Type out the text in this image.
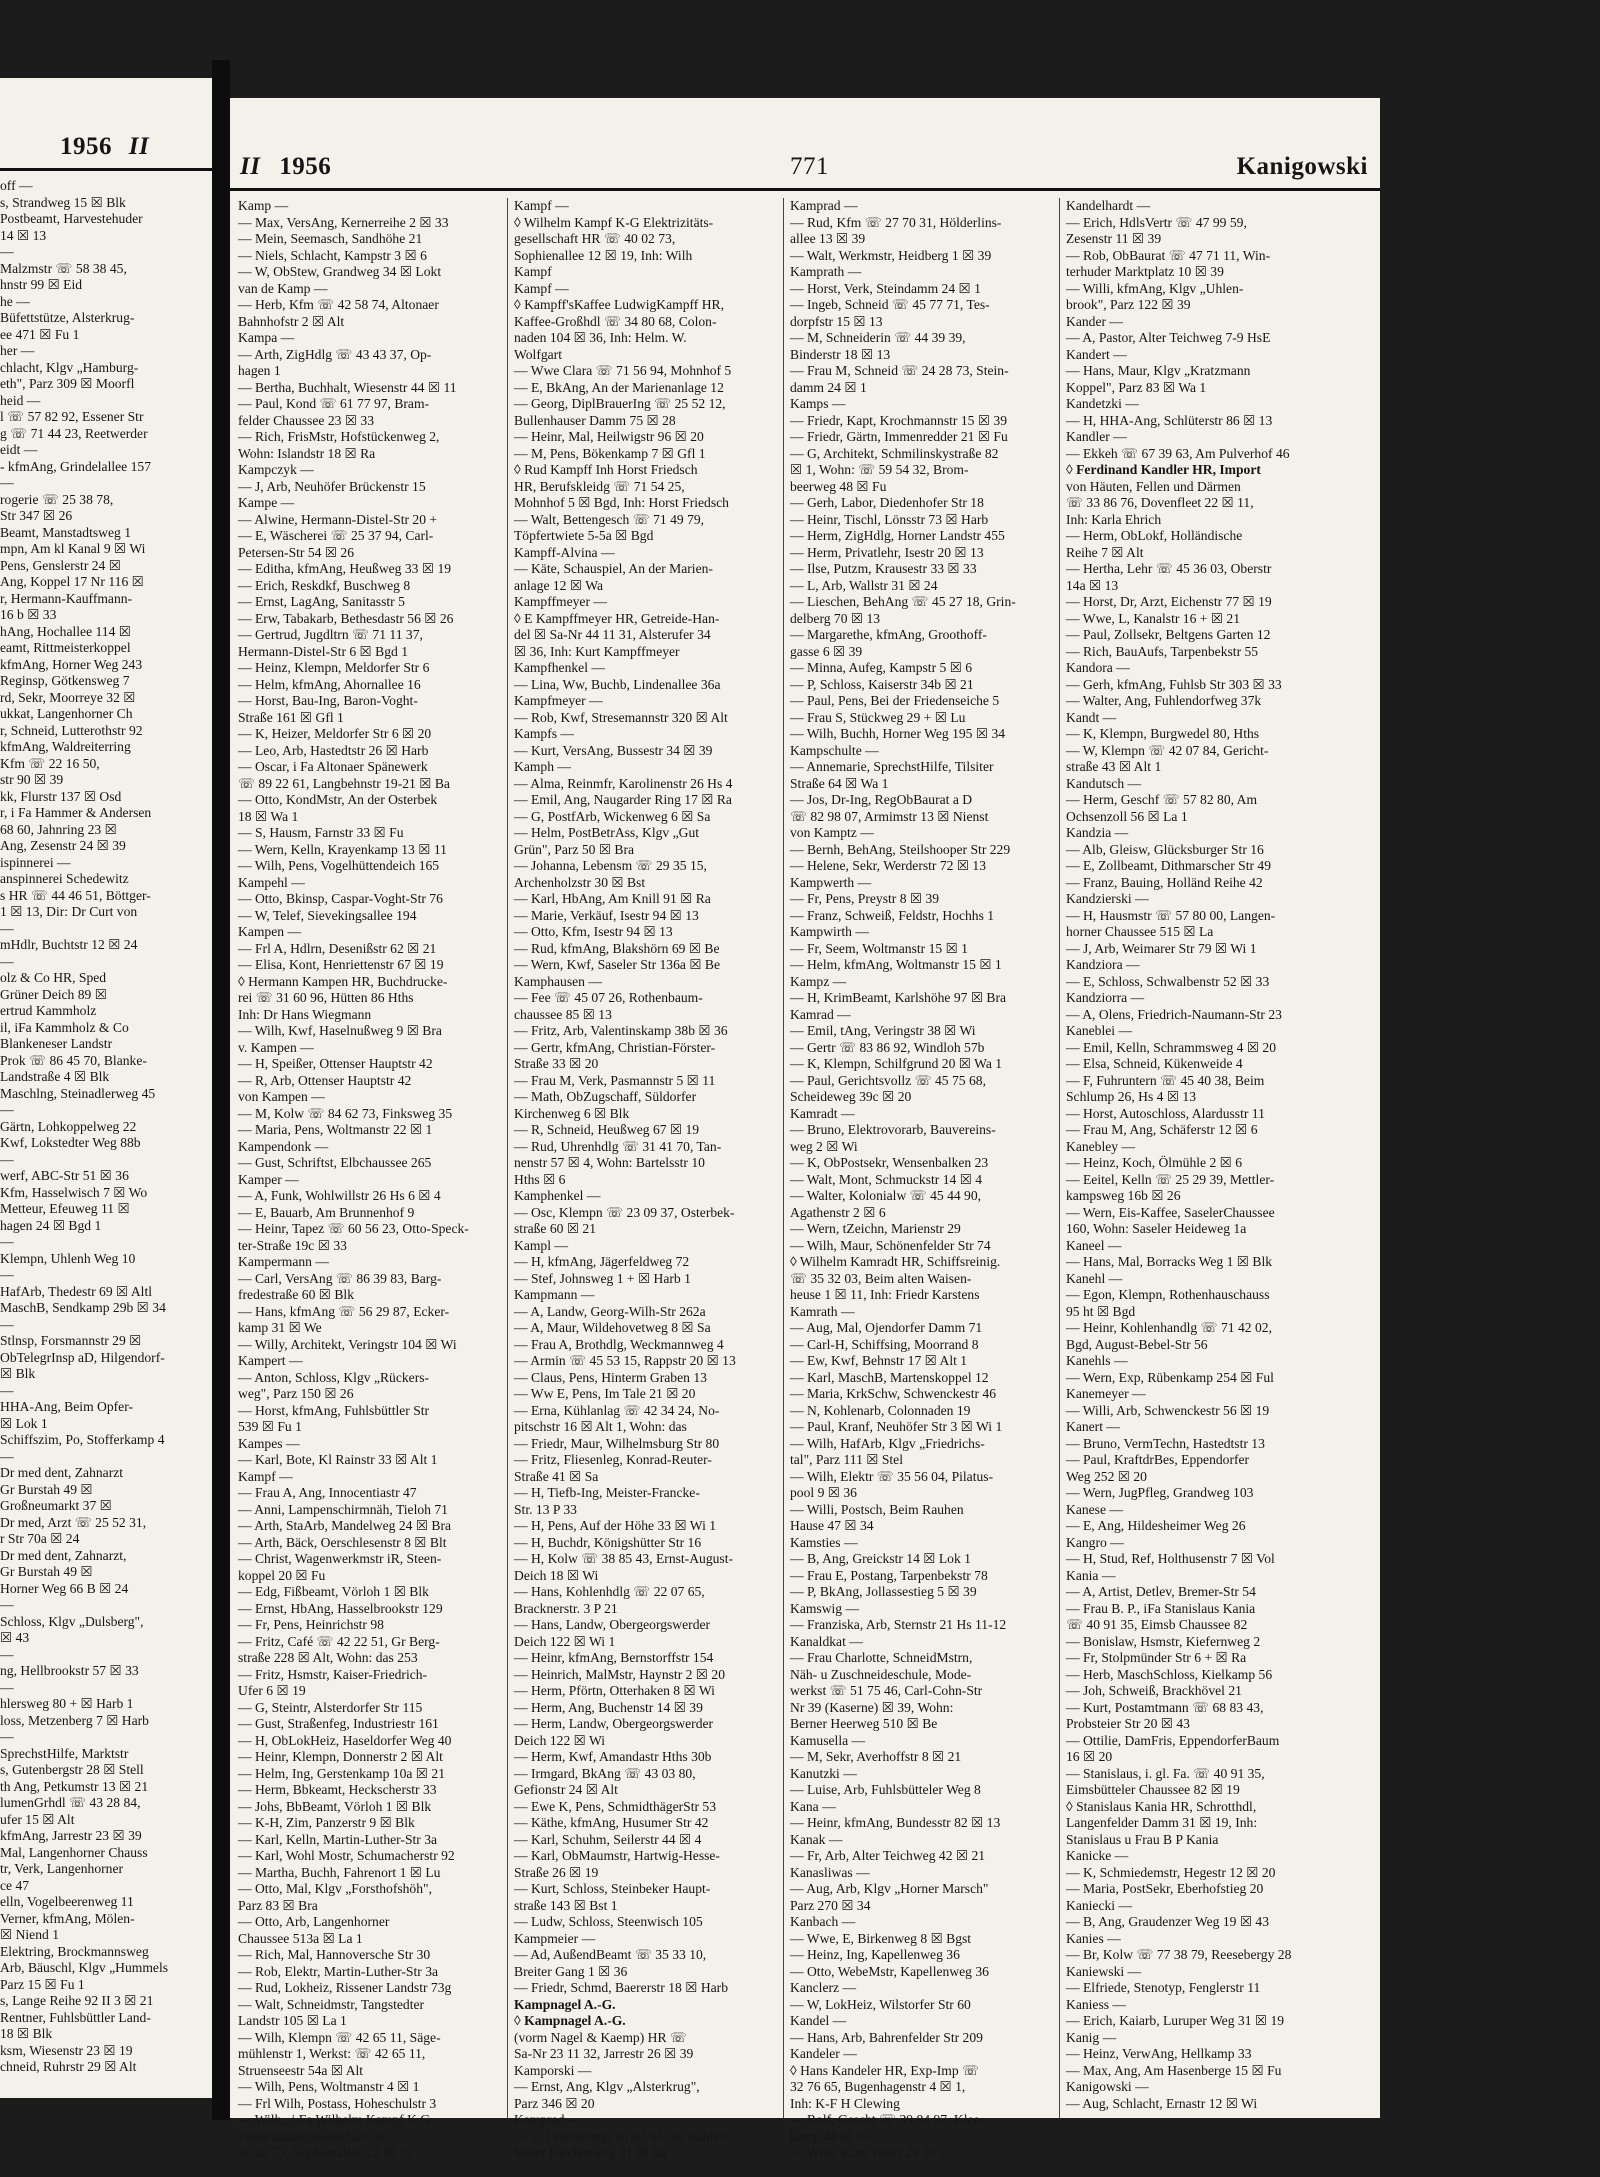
1956 II
off —
s, Strandweg 15 ☒ Blk
Postbeamt, Harvestehuder
14 ☒ 13
—
Malzmstr ☏ 58 38 45,
hnstr 99 ☒ Eid
he —
Büfettstütze, Alsterkrug-
ee 471 ☒ Fu 1
her —
chlacht, Klgv „Hamburg-
eth", Parz 309 ☒ Moorfl
heid —
l ☏ 57 82 92, Essener Str
g ☏ 71 44 23, Reetwerder
eidt —
- kfmAng, Grindelallee 157
—
rogerie ☏ 25 38 78,
Str 347 ☒ 26
Beamt, Manstadtsweg 1
mpn, Am kl Kanal 9 ☒ Wi
Pens, Genslerstr 24 ☒
Ang, Koppel 17 Nr 116 ☒
r, Hermann-Kauffmann-
16 b ☒ 33
hAng, Hochallee 114 ☒
eamt, Rittmeisterkoppel
kfmAng, Horner Weg 243
Reginsp, Götkensweg 7
rd, Sekr, Moorreye 32 ☒
ukkat, Langenhorner Ch
r, Schneid, Lutterothstr 92
kfmAng, Waldreiterring
Kfm ☏ 22 16 50,
str 90 ☒ 39
kk, Flurstr 137 ☒ Osd
r, i Fa Hammer & Andersen
68 60, Jahnring 23 ☒
Ang, Zesenstr 24 ☒ 39
ispinnerei —
anspinnerei Schedewitz
s HR ☏ 44 46 51, Böttger-
1 ☒ 13, Dir: Dr Curt von
—
mHdlr, Buchtstr 12 ☒ 24
—
olz & Co HR, Sped
Grüner Deich 89 ☒
ertrud Kammholz
il, iFa Kammholz & Co
Blankeneser Landstr
Prok ☏ 86 45 70, Blanke-
Landstraße 4 ☒ Blk
Maschlng, Steinadlerweg 45
—
Gärtn, Lohkoppelweg 22
Kwf, Lokstedter Weg 88b
—
werf, ABC-Str 51 ☒ 36
Kfm, Hasselwisch 7 ☒ Wo
Metteur, Efeuweg 11 ☒
hagen 24 ☒ Bgd 1
—
Klempn, Uhlenh Weg 10
—
HafArb, Thedestr 69 ☒ Altl
MaschB, Sendkamp 29b ☒ 34
—
Stlnsp, Forsmannstr 29 ☒
ObTelegrInsp aD, Hilgendorf-
☒ Blk
—
HHA-Ang, Beim Opfer-
☒ Lok 1
Schiffszim, Po, Stofferkamp 4
—
Dr med dent, Zahnarzt
Gr Burstah 49 ☒
Großneumarkt 37 ☒
Dr med, Arzt ☏ 25 52 31,
r Str 70a ☒ 24
Dr med dent, Zahnarzt,
Gr Burstah 49 ☒
Horner Weg 66 B ☒ 24
—
Schloss, Klgv „Dulsberg",
☒ 43
—
ng, Hellbrookstr 57 ☒ 33
—
hlersweg 80 + ☒ Harb 1
loss, Metzenberg 7 ☒ Harb
—
SprechstHilfe, Marktstr
s, Gutenbergstr 28 ☒ Stell
th Ang, Petkumstr 13 ☒ 21
lumenGrhdl ☏ 43 28 84,
ufer 15 ☒ Alt
kfmAng, Jarrestr 23 ☒ 39
Mal, Langenhorner Chauss
tr, Verk, Langenhorner
ce 47
elln, Vogelbeerenweg 11
Verner, kfmAng, Mölen-
☒ Niend 1
Elektring, Brockmannsweg
Arb, Bäuschl, Klgv „Hummels
Parz 15 ☒ Fu 1
s, Lange Reihe 92 II 3 ☒ 21
Rentner, Fuhlsbüttler Land-
18 ☒ Blk
ksm, Wiesenstr 23 ☒ 19
chneid, Ruhrstr 29 ☒ Alt
II 1956	771	Kanigowski
Kamp —
— Max, VersAng, Kernerreihe 2 ☒ 33
— Mein, Seemasch, Sandhöhe 21
— Niels, Schlacht, Kampstr 3 ☒ 6
— W, ObStew, Grandweg 34 ☒ Lokt
van de Kamp —
— Herb, Kfm ☏ 42 58 74, Altonaer
Bahnhofstr 2 ☒ Alt
Kampa —
— Arth, ZigHdlg ☏ 43 43 37, Op-
hagen 1
— Bertha, Buchhalt, Wiesenstr 44 ☒ 11
— Paul, Kond ☏ 61 77 97, Bram-
felder Chaussee 23 ☒ 33
— Rich, FrisMstr, Hofstückenweg 2,
Wohn: Islandstr 18 ☒ Ra
Kampczyk —
— J, Arb, Neuhöfer Brückenstr 15
Kampe —
— Alwine, Hermann-Distel-Str 20 +
— E, Wäscherei ☏ 25 37 94, Carl-
Petersen-Str 54 ☒ 26
— Editha, kfmAng, Heußweg 33 ☒ 19
— Erich, Reskdkf, Buschweg 8
— Ernst, LagAng, Sanitasstr 5
— Erw, Tabakarb, Bethesdastr 56 ☒ 26
— Gertrud, Jugdltrn ☏ 71 11 37,
Hermann-Distel-Str 6 ☒ Bgd 1
— Heinz, Klempn, Meldorfer Str 6
— Helm, kfmAng, Ahornallee 16
— Horst, Bau-Ing, Baron-Voght-
Straße 161 ☒ Gfl 1
— K, Heizer, Meldorfer Str 6 ☒ 20
— Leo, Arb, Hastedtstr 26 ☒ Harb
— Oscar, i Fa Altonaer Spänewerk
☏ 89 22 61, Langbehnstr 19-21 ☒ Ba
— Otto, KondMstr, An der Osterbek
18 ☒ Wa 1
— S, Hausm, Farnstr 33 ☒ Fu
— Wern, Kelln, Krayenkamp 13 ☒ 11
— Wilh, Pens, Vogelhüttendeich 165
Kampehl —
— Otto, Bkinsp, Caspar-Voght-Str 76
— W, Telef, Sievekingsallee 194
Kampen —
— Frl A, Hdlrn, Desenißstr 62 ☒ 21
— Elisa, Kont, Henriettenstr 67 ☒ 19
◊ Hermann Kampen HR, Buchdrucke-
rei ☏ 31 60 96, Hütten 86 Hths
Inh: Dr Hans Wiegmann
— Wilh, Kwf, Haselnußweg 9 ☒ Bra
v. Kampen —
— H, Speißer, Ottenser Hauptstr 42
— R, Arb, Ottenser Hauptstr 42
von Kampen —
— M, Kolw ☏ 84 62 73, Finksweg 35
— Maria, Pens, Woltmanstr 22 ☒ 1
Kampendonk —
— Gust, Schriftst, Elbchaussee 265
Kamper —
— A, Funk, Wohlwillstr 26 Hs 6 ☒ 4
— E, Bauarb, Am Brunnenhof 9
— Heinr, Tapez ☏ 60 56 23, Otto-Speck-
ter-Straße 19c ☒ 33
Kampermann —
— Carl, VersAng ☏ 86 39 83, Barg-
fredestraße 60 ☒ Blk
— Hans, kfmAng ☏ 56 29 87, Ecker-
kamp 31 ☒ We
— Willy, Architekt, Veringstr 104 ☒ Wi
Kampert —
— Anton, Schloss, Klgv „Rückers-
weg", Parz 150 ☒ 26
— Horst, kfmAng, Fuhlsbüttler Str
539 ☒ Fu 1
Kampes —
— Karl, Bote, Kl Rainstr 33 ☒ Alt 1
Kampf —
— Frau A, Ang, Innocentiastr 47
— Anni, Lampenschirmnäh, Tieloh 71
— Arth, StaArb, Mandelweg 24 ☒ Bra
— Arth, Bäck, Oerschlesenstr 8 ☒ Blt
— Christ, Wagenwerkmstr iR, Steen-
koppel 20 ☒ Fu
— Edg, Fißbeamt, Vörloh 1 ☒ Blk
— Ernst, HbAng, Hasselbrookstr 129
— Fr, Pens, Heinrichstr 98
— Fritz, Café ☏ 42 22 51, Gr Berg-
straße 228 ☒ Alt, Wohn: das 253
— Fritz, Hsmstr, Kaiser-Friedrich-
Ufer 6 ☒ 19
— G, Steintr, Alsterdorfer Str 115
— Gust, Straßenfeg, Industriestr 161
— H, ObLokHeiz, Haseldorfer Weg 40
— Heinr, Klempn, Donnerstr 2 ☒ Alt
— Helm, Ing, Gerstenkamp 10a ☒ 21
— Herm, Bbkeamt, Heckscherstr 33
— Johs, BbBeamt, Vörloh 1 ☒ Blk
— K-H, Zim, Panzerstr 9 ☒ Blk
— Karl, Kelln, Martin-Luther-Str 3a
— Karl, Wohl Mostr, Schumacherstr 92
— Martha, Buchh, Fahrenort 1 ☒ Lu
— Otto, Mal, Klgv „Forsthofshöh",
Parz 83 ☒ Bra
— Otto, Arb, Langenhorner
Chaussee 513a ☒ La 1
— Rich, Mal, Hannoversche Str 30
— Rob, Elektr, Martin-Luther-Str 3a
— Rud, Lokheiz, Rissener Landstr 73g
— Walt, Schneidmstr, Tangstedter
Landstr 105 ☒ La 1
— Wilh, Klempn ☏ 42 65 11, Säge-
mühlenstr 1, Werkst: ☏ 42 65 11,
Struenseestr 54a ☒ Alt
— Wilh, Pens, Woltmanstr 4 ☒ 1
— Frl Wilh, Postass, Hoheschulstr 3
— Wilh., i.Fa Wilhelm Kampf K.G.,
Elektrizitätsgesellschaft ☏
40 02 73, Sophienallee 12 ☒ 19
Kampf —
◊ Wilhelm Kampf K-G Elektrizitäts-
gesellschaft HR ☏ 40 02 73,
Sophienallee 12 ☒ 19, Inh: Wilh
Kampf
Kampf —
◊ Kampff'sKaffee LudwigKampff HR,
Kaffee-Großhdl ☏ 34 80 68, Colon-
naden 104 ☒ 36, Inh: Helm. W.
Wolfgart
— Wwe Clara ☏ 71 56 94, Mohnhof 5
— E, BkAng, An der Marienanlage 12
— Georg, DiplBrauerIng ☏ 25 52 12,
Bullenhauser Damm 75 ☒ 28
— Heinr, Mal, Heilwigstr 96 ☒ 20
— M, Pens, Bökenkamp 7 ☒ Gfl 1
◊ Rud Kampff Inh Horst Friedsch
HR, Berufskleidg ☏ 71 54 25,
Mohnhof 5 ☒ Bgd, Inh: Horst Friedsch
— Walt, Bettengesch ☏ 71 49 79,
Töpfertwiete 5-5a ☒ Bgd
Kampff-Alvina —
— Käte, Schauspiel, An der Marien-
anlage 12 ☒ Wa
Kampffmeyer —
◊ E Kampffmeyer HR, Getreide-Han-
del ☒ Sa-Nr 44 11 31, Alsterufer 34
☒ 36, Inh: Kurt Kampffmeyer
Kampfhenkel —
— Lina, Ww, Buchb, Lindenallee 36a
Kampfmeyer —
— Rob, Kwf, Stresemannstr 320 ☒ Alt
Kampfs —
— Kurt, VersAng, Bussestr 34 ☒ 39
Kamph —
— Alma, Reinmfr, Karolinenstr 26 Hs 4
— Emil, Ang, Naugarder Ring 17 ☒ Ra
— G, PostfArb, Wickenweg 6 ☒ Sa
— Helm, PostBetrAss, Klgv „Gut
Grün", Parz 50 ☒ Bra
— Johanna, Lebensm ☏ 29 35 15,
Archenholzstr 30 ☒ Bst
— Karl, HbAng, Am Knill 91 ☒ Ra
— Marie, Verkäuf, Isestr 94 ☒ 13
— Otto, Kfm, Isestr 94 ☒ 13
— Rud, kfmAng, Blakshörn 69 ☒ Be
— Wern, Kwf, Saseler Str 136a ☒ Be
Kamphausen —
— Fee ☏ 45 07 26, Rothenbaum-
chaussee 85 ☒ 13
— Fritz, Arb, Valentinskamp 38b ☒ 36
— Gertr, kfmAng, Christian-Förster-
Straße 33 ☒ 20
— Frau M, Verk, Pasmannstr 5 ☒ 11
— Math, ObZugschaff, Süldorfer
Kirchenweg 6 ☒ Blk
— R, Schneid, Heußweg 67 ☒ 19
— Rud, Uhrenhdlg ☏ 31 41 70, Tan-
nenstr 57 ☒ 4, Wohn: Bartelsstr 10
Hths ☒ 6
Kamphenkel —
— Osc, Klempn ☏ 23 09 37, Osterbek-
straße 60 ☒ 21
Kampl —
— H, kfmAng, Jägerfeldweg 72
— Stef, Johnsweg 1 + ☒ Harb 1
Kampmann —
— A, Landw, Georg-Wilh-Str 262a
— A, Maur, Wildehovetweg 8 ☒ Sa
— Frau A, Brothdlg, Weckmannweg 4
— Armin ☏ 45 53 15, Rappstr 20 ☒ 13
— Claus, Pens, Hinterm Graben 13
— Ww E, Pens, Im Tale 21 ☒ 20
— Erna, Kühlanlag ☏ 42 34 24, No-
pitschstr 16 ☒ Alt 1, Wohn: das
— Friedr, Maur, Wilhelmsburg Str 80
— Fritz, Fliesenleg, Konrad-Reuter-
Straße 41 ☒ Sa
— H, Tiefb-Ing, Meister-Francke-
Str. 13 P 33
— H, Pens, Auf der Höhe 33 ☒ Wi 1
— H, Buchdr, Königshütter Str 16
— H, Kolw ☏ 38 85 43, Ernst-August-
Deich 18 ☒ Wi
— Hans, Kohlenhdlg ☏ 22 07 65,
Bracknerstr. 3 P 21
— Hans, Landw, Obergeorgswerder
Deich 122 ☒ Wi 1
— Heinr, kfmAng, Bernstorffstr 154
— Heinrich, MalMstr, Haynstr 2 ☒ 20
— Herm, Pförtn, Otterhaken 8 ☒ Wi
— Herm, Ang, Buchenstr 14 ☒ 39
— Herm, Landw, Obergeorgswerder
Deich 122 ☒ Wi
— Herm, Kwf, Amandastr Hths 30b
— Irmgard, BkAng ☏ 43 03 80,
Gefionstr 24 ☒ Alt
— Ewe K, Pens, SchmidthägerStr 53
— Käthe, kfmAng, Husumer Str 42
— Karl, Schuhm, Seilerstr 44 ☒ 4
— Karl, ObMaumstr, Hartwig-Hesse-
Straße 26 ☒ 19
— Kurt, Schloss, Steinbeker Haupt-
straße 143 ☒ Bst 1
— Ludw, Schloss, Steenwisch 105
Kampmeier —
— Ad, AußendBeamt ☏ 35 33 10,
Breiter Gang 1 ☒ 36
— Friedr, Schmd, Baererstr 18 ☒ Harb
Kampnagel A.-G.
◊ Kampnagel A.-G.
(vorm Nagel & Kaemp) HR ☏
Sa-Nr 23 11 32, Jarrestr 26 ☒ 39
Kamporski —
— Ernst, Ang, Klgv „Alsterkrug",
Parz 346 ☒ 20
Kamprad —
— E, ObPostInsp ☏ 83 65 06, Bahren-
felder Kirchenweg 21 ☒ Ba
Kamprad —
— Rud, Kfm ☏ 27 70 31, Hölderlins-
allee 13 ☒ 39
— Walt, Werkmstr, Heidberg 1 ☒ 39
Kamprath —
— Horst, Verk, Steindamm 24 ☒ 1
— Ingeb, Schneid ☏ 45 77 71, Tes-
dorpfstr 15 ☒ 13
— M, Schneiderin ☏ 44 39 39,
Binderstr 18 ☒ 13
— Frau M, Schneid ☏ 24 28 73, Stein-
damm 24 ☒ 1
Kamps —
— Friedr, Kapt, Krochmannstr 15 ☒ 39
— Friedr, Gärtn, Immenredder 21 ☒ Fu
— G, Architekt, Schmilinskystraße 82
☒ 1, Wohn: ☏ 59 54 32, Brom-
beerweg 48 ☒ Fu
— Gerh, Labor, Diedenhofer Str 18
— Heinr, Tischl, Lönsstr 73 ☒ Harb
— Herm, ZigHdlg, Horner Landstr 455
— Herm, Privatlehr, Isestr 20 ☒ 13
— Ilse, Putzm, Krausestr 33 ☒ 33
— L, Arb, Wallstr 31 ☒ 24
— Lieschen, BehAng ☏ 45 27 18, Grin-
delberg 70 ☒ 13
— Margarethe, kfmAng, Groothoff-
gasse 6 ☒ 39
— Minna, Aufeg, Kampstr 5 ☒ 6
— P, Schloss, Kaiserstr 34b ☒ 21
— Paul, Pens, Bei der Friedenseiche 5
— Frau S, Stückweg 29 + ☒ Lu
— Wilh, Buchh, Horner Weg 195 ☒ 34
Kampschulte —
— Annemarie, SprechstHilfe, Tilsiter
Straße 64 ☒ Wa 1
— Jos, Dr-Ing, RegObBaurat a D
☏ 82 98 07, Armimstr 13 ☒ Nienst
von Kamptz —
— Bernh, BehAng, Steilshooper Str 229
— Helene, Sekr, Werderstr 72 ☒ 13
Kampwerth —
— Fr, Pens, Preystr 8 ☒ 39
— Franz, Schweiß, Feldstr, Hochhs 1
Kampwirth —
— Fr, Seem, Woltmanstr 15 ☒ 1
— Helm, kfmAng, Woltmanstr 15 ☒ 1
Kampz —
— H, KrimBeamt, Karlshöhe 97 ☒ Bra
Kamrad —
— Emil, tAng, Veringstr 38 ☒ Wi
— Gertr ☏ 83 86 92, Windloh 57b
— K, Klempn, Schilfgrund 20 ☒ Wa 1
— Paul, Gerichtsvollz ☏ 45 75 68,
Scheideweg 39c ☒ 20
Kamradt —
— Bruno, Elektrovorarb, Bauvereins-
weg 2 ☒ Wi
— K, ObPostsekr, Wensenbalken 23
— Walt, Mont, Schmuckstr 14 ☒ 4
— Walter, Kolonialw ☏ 45 44 90,
Agathenstr 2 ☒ 6
— Wern, tZeichn, Marienstr 29
— Wilh, Maur, Schönenfelder Str 74
◊ Wilhelm Kamradt HR, Schiffsreinig.
☏ 35 32 03, Beim alten Waisen-
heuse 1 ☒ 11, Inh: Friedr Karstens
Kamrath —
— Aug, Mal, Ojendorfer Damm 71
— Carl-H, Schiffsing, Moorrand 8
— Ew, Kwf, Behnstr 17 ☒ Alt 1
— Karl, MaschB, Martenskoppel 12
— Maria, KrkSchw, Schwenckestr 46
— N, Kohlenarb, Colonnaden 19
— Paul, Kranf, Neuhöfer Str 3 ☒ Wi 1
— Wilh, HafArb, Klgv „Friedrichs-
tal", Parz 111 ☒ Stel
— Wilh, Elektr ☏ 35 56 04, Pilatus-
pool 9 ☒ 36
— Willi, Postsch, Beim Rauhen
Hause 47 ☒ 34
Kamsties —
— B, Ang, Greickstr 14 ☒ Lok 1
— Frau E, Postang, Tarpenbekstr 78
— P, BkAng, Jollassestieg 5 ☒ 39
Kamswig —
— Franziska, Arb, Sternstr 21 Hs 11-12
Kanaldkat —
— Frau Charlotte, SchneidMstrn,
Näh- u Zuschneideschule, Mode-
werkst ☏ 51 75 46, Carl-Cohn-Str
Nr 39 (Kaserne) ☒ 39, Wohn:
Berner Heerweg 510 ☒ Be
Kamusella —
— M, Sekr, Averhoffstr 8 ☒ 21
Kanutzki —
— Luise, Arb, Fuhlsbütteler Weg 8
Kana —
— Heinr, kfmAng, Bundesstr 82 ☒ 13
Kanak —
— Fr, Arb, Alter Teichweg 42 ☒ 21
Kanasliwas —
— Aug, Arb, Klgv „Horner Marsch"
Parz 270 ☒ 34
Kanbach —
— Wwe, E, Birkenweg 8 ☒ Bgst
— Heinz, Ing, Kapellenweg 36
— Otto, WebeMstr, Kapellenweg 36
Kanclerz —
— W, LokHeiz, Wilstorfer Str 60
Kandel —
— Hans, Arb, Bahrenfelder Str 209
Kandeler —
◊ Hans Kandeler HR, Exp-Imp ☏
32 76 65, Bugenhagenstr 4 ☒ 1,
Inh: K-F H Clewing
— Rolf, Gescht ☏ 39 84 97, Klee-
kamp 48 ☒ Fu
— Willi, Kfm, Isestr 29 ☒ 13
Kandelhardt —
— Erich, HdlsVertr ☏ 47 99 59,
Zesenstr 11 ☒ 39
— Rob, ObBaurat ☏ 47 71 11, Win-
terhuder Marktplatz 10 ☒ 39
— Willi, kfmAng, Klgv „Uhlen-
brook", Parz 122 ☒ 39
Kander —
— A, Pastor, Alter Teichweg 7-9 HsE
Kandert —
— Hans, Maur, Klgv „Kratzmann
Koppel", Parz 83 ☒ Wa 1
Kandetzki —
— H, HHA-Ang, Schlüterstr 86 ☒ 13
Kandler —
— Ekkeh ☏ 67 39 63, Am Pulverhof 46
◊ Ferdinand Kandler HR, Import
von Häuten, Fellen und Därmen
☏ 33 86 76, Dovenfleet 22 ☒ 11,
Inh: Karla Ehrich
— Herm, ObLokf, Holländische
Reihe 7 ☒ Alt
— Hertha, Lehr ☏ 45 36 03, Oberstr
14a ☒ 13
— Horst, Dr, Arzt, Eichenstr 77 ☒ 19
— Wwe, L, Kanalstr 16 + ☒ 21
— Paul, Zollsekr, Beltgens Garten 12
— Rich, BauAufs, Tarpenbekstr 55
Kandora —
— Gerh, kfmAng, Fuhlsb Str 303 ☒ 33
— Walter, Ang, Fuhlendorfweg 37k
Kandt —
— K, Klempn, Burgwedel 80, Hths
— W, Klempn ☏ 42 07 84, Gericht-
straße 43 ☒ Alt 1
Kandutsch —
— Herm, Geschf ☏ 57 82 80, Am
Ochsenzoll 56 ☒ La 1
Kandzia —
— Alb, Gleisw, Glücksburger Str 16
— E, Zollbeamt, Dithmarscher Str 49
— Franz, Bauing, Holländ Reihe 42
Kandzierski —
— H, Hausmstr ☏ 57 80 00, Langen-
horner Chaussee 515 ☒ La
— J, Arb, Weimarer Str 79 ☒ Wi 1
Kandziora —
— E, Schloss, Schwalbenstr 52 ☒ 33
Kandziorra —
— A, Olens, Friedrich-Naumann-Str 23
Kaneblei —
— Emil, Kelln, Schrammsweg 4 ☒ 20
— Elsa, Schneid, Kükenweide 4
— F, Fuhruntern ☏ 45 40 38, Beim
Schlump 26, Hs 4 ☒ 13
— Horst, Autoschloss, Alardusstr 11
— Frau M, Ang, Schäferstr 12 ☒ 6
Kanebley —
— Heinz, Koch, Ölmühle 2 ☒ 6
— Eeitel, Kelln ☏ 25 29 39, Mettler-
kampsweg 16b ☒ 26
— Wern, Eis-Kaffee, SaselerChaussee
160, Wohn: Saseler Heideweg 1a
Kaneel —
— Hans, Mal, Borracks Weg 1 ☒ Blk
Kanehl —
— Egon, Klempn, Rothenhauschauss
95 ht ☒ Bgd
— Heinr, Kohlenhandlg ☏ 71 42 02,
Bgd, August-Bebel-Str 56
Kanehls —
— Wern, Exp, Rübenkamp 254 ☒ Ful
Kanemeyer —
— Willi, Arb, Schwenckestr 56 ☒ 19
Kanert —
— Bruno, VermTechn, Hastedtstr 13
— Paul, KraftdrBes, Eppendorfer
Weg 252 ☒ 20
— Wern, JugPfleg, Grandweg 103
Kanese —
— E, Ang, Hildesheimer Weg 26
Kangro —
— H, Stud, Ref, Holthusenstr 7 ☒ Vol
Kania —
— A, Artist, Detlev, Bremer-Str 54
— Frau B. P., iFa Stanislaus Kania
☏ 40 91 35, Eimsb Chaussee 82
— Bonislaw, Hsmstr, Kiefernweg 2
— Fr, Stolpmünder Str 6 + ☒ Ra
— Herb, MaschSchloss, Kielkamp 56
— Joh, Schweiß, Brackhövel 21
— Kurt, Postamtmann ☏ 68 83 43,
Probsteier Str 20 ☒ 43
— Ottilie, DamFris, EppendorferBaum
16 ☒ 20
— Stanislaus, i. gl. Fa. ☏ 40 91 35,
Eimsbütteler Chaussee 82 ☒ 19
◊ Stanislaus Kania HR, Schrotthdl,
Langenfelder Damm 31 ☒ 19, Inh:
Stanislaus u Frau B P Kania
Kanicke —
— K, Schmiedemstr, Hegestr 12 ☒ 20
— Maria, PostSekr, Eberhofstieg 20
Kaniecki —
— B, Ang, Graudenzer Weg 19 ☒ 43
Kanies —
— Br, Kolw ☏ 77 38 79, Reesebergy 28
Kaniewski —
— Elfriede, Stenotyp, Fenglerstr 11
Kaniess —
— Erich, Kaiarb, Luruper Weg 31 ☒ 19
Kanig —
— Heinz, VerwAng, Hellkamp 33
— Max, Ang, Am Hasenberge 15 ☒ Fu
Kanigowski —
— Aug, Schlacht, Ernastr 12 ☒ Wi
